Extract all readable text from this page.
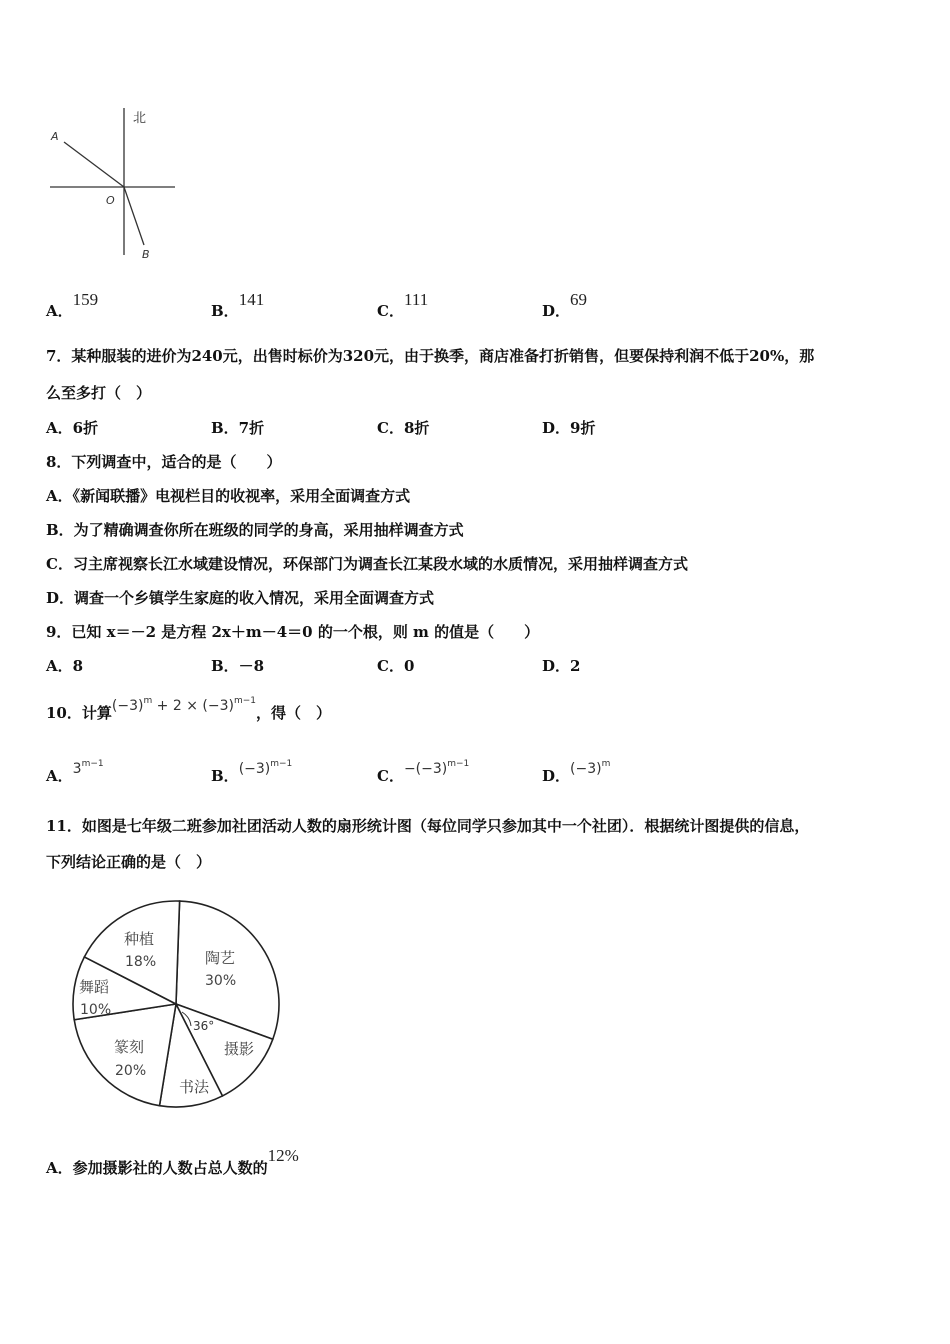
北
A
O
B
A．159
B．141
C．111
D．69
7．某种服装的进价为240元，出售时标价为320元，由于换季，商店准备打折销售，但要保持利润不低于20%，那
么至多打（　）
A．6折	B．7折	C．8折	D．9折
8．下列调查中，适合的是（　　）
A．《新闻联播》电视栏目的收视率，采用全面调查方式
B．为了精确调查你所在班级的同学的身高，采用抽样调查方式
C．习主席视察长江水域建设情况，环保部门为调查长江某段水域的水质情况，采用抽样调查方式
D．调查一个乡镇学生家庭的收入情况，采用全面调查方式
9．已知 x＝－2 是方程 2x＋m－4＝0 的一个根，则 m 的值是（　　）
A．8	B．－8	C．0	D．2
10．计算$(-3)^m + 2 \times (-3)^{m-1}$，得（　）
A．$3^{m-1}$
B．$(-3)^{m-1}$
C．$-(-3)^{m-1}$
D．$(-3)^m$
11．如图是七年级二班参加社团活动人数的扇形统计图（每位同学只参加其中一个社团）．根据统计图提供的信息，
下列结论正确的是（　）
36°
陶艺
30%
摄影
书法
篆刻
20%
舞蹈
10%
种植
18%
A．参加摄影社的人数占总人数的12%
